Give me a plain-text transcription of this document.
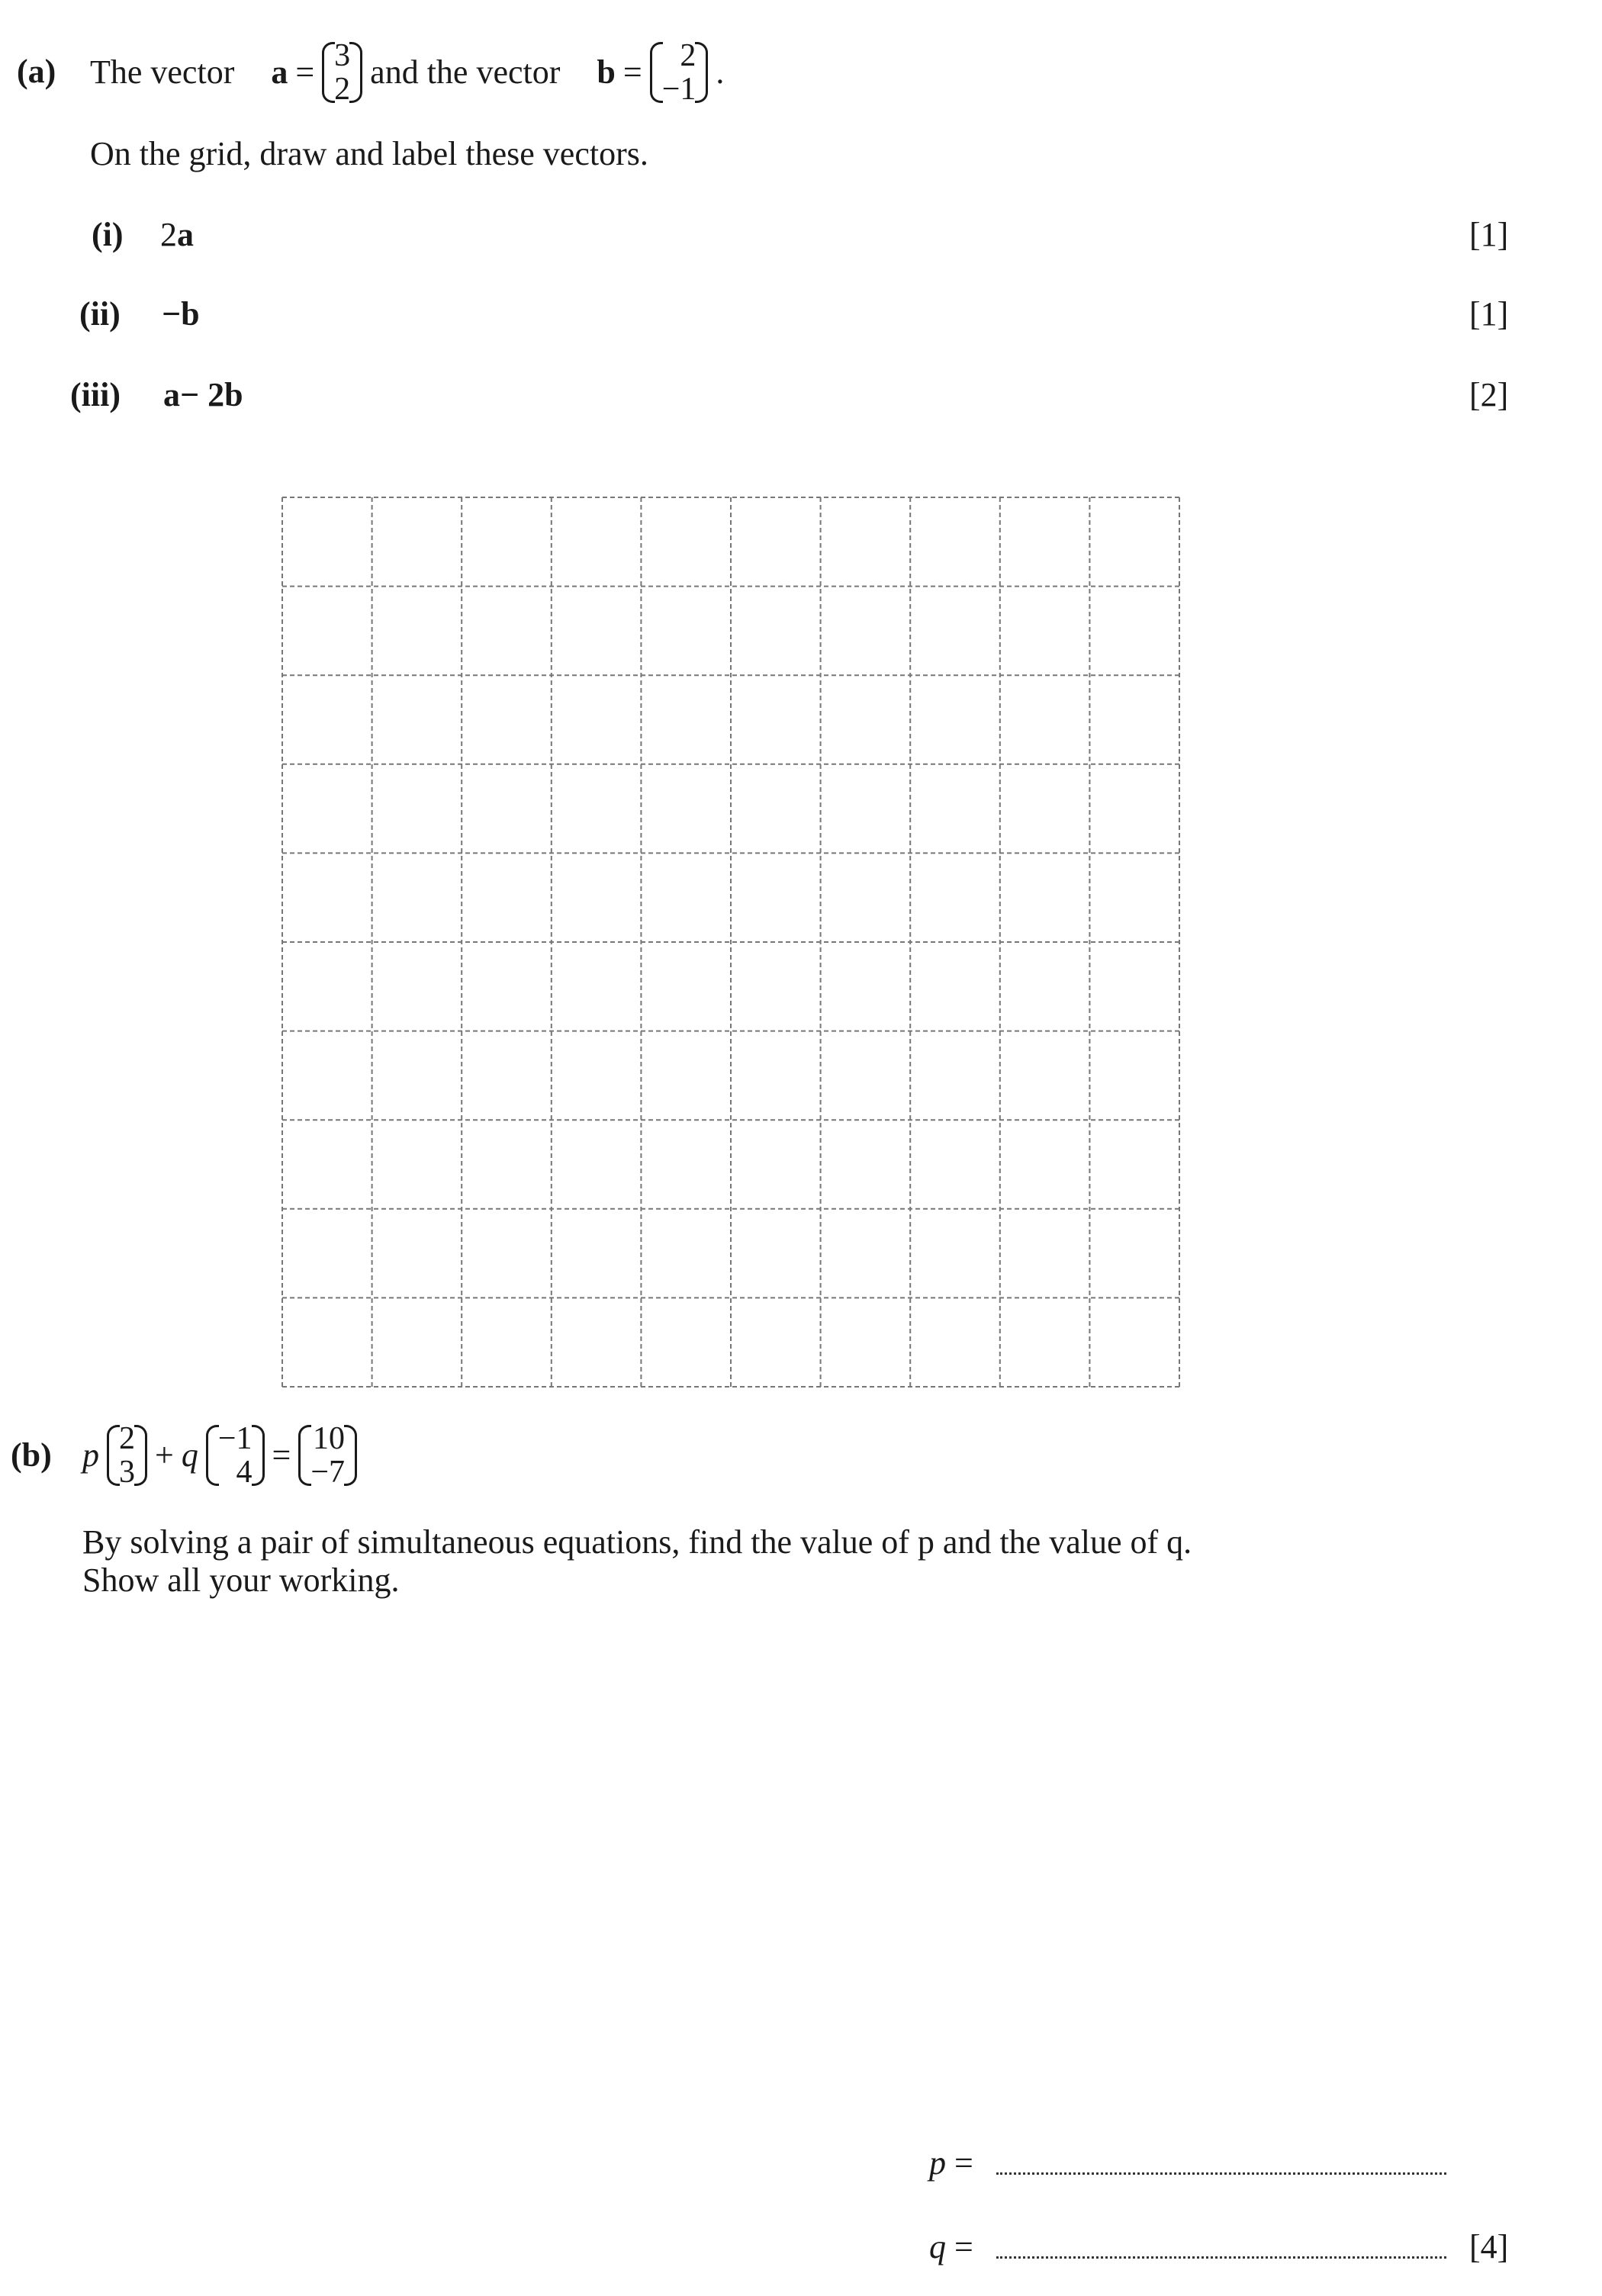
(a) The vector a = 3
2 and the vector b =	2
−1 .
On the grid, draw and label these vectors.
(i) 2a	[1]
(ii) −b	[1]
(iii) a− 2b	[2]
(b) p 2
3 + q −1
4 = 10
−7
By solving a pair of simultaneous equations, find the value of p and the value of q.
Show all your working.
p =
q =	[4]
